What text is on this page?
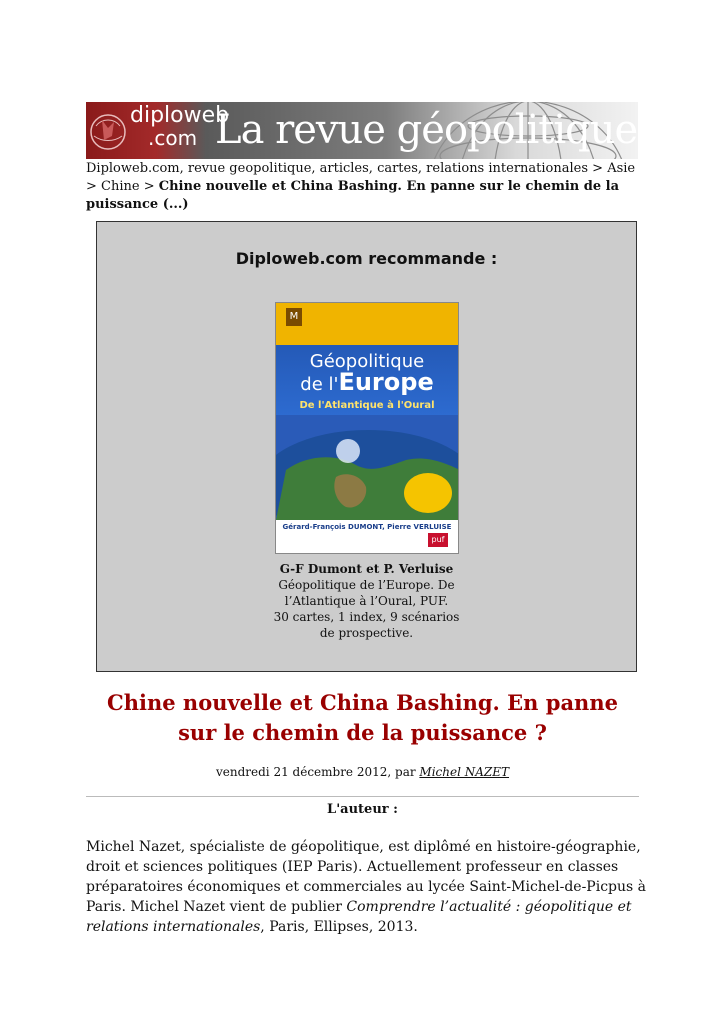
diploweb
.com La revue géopolitique
Diploweb.com, revue geopolitique, articles, cartes, relations internationales > Asie > Chine > Chine nouvelle et China Bashing. En panne sur le chemin de la puissance (...)
Diploweb.com recommande :
M
Géopolitique
de l'Europe
De l'Atlantique à l'Oural
Gérard-François DUMONT, Pierre VERLUISE
puf
G-F Dumont et P. Verluise
Géopolitique de l’Europe. De
l’Atlantique à l’Oural, PUF.
30 cartes, 1 index, 9 scénarios
de prospective.
Chine nouvelle et China Bashing. En panne sur le chemin de la puissance ?
vendredi 21 décembre 2012, par Michel NAZET
L'auteur :
Michel Nazet, spécialiste de géopolitique, est diplômé en histoire-géographie, droit et sciences politiques (IEP Paris). Actuellement professeur en classes préparatoires économiques et commerciales au lycée Saint-Michel-de-Picpus à Paris. Michel Nazet vient de publier Comprendre l’actualité : géopolitique et relations internationales, Paris, Ellipses, 2013.
